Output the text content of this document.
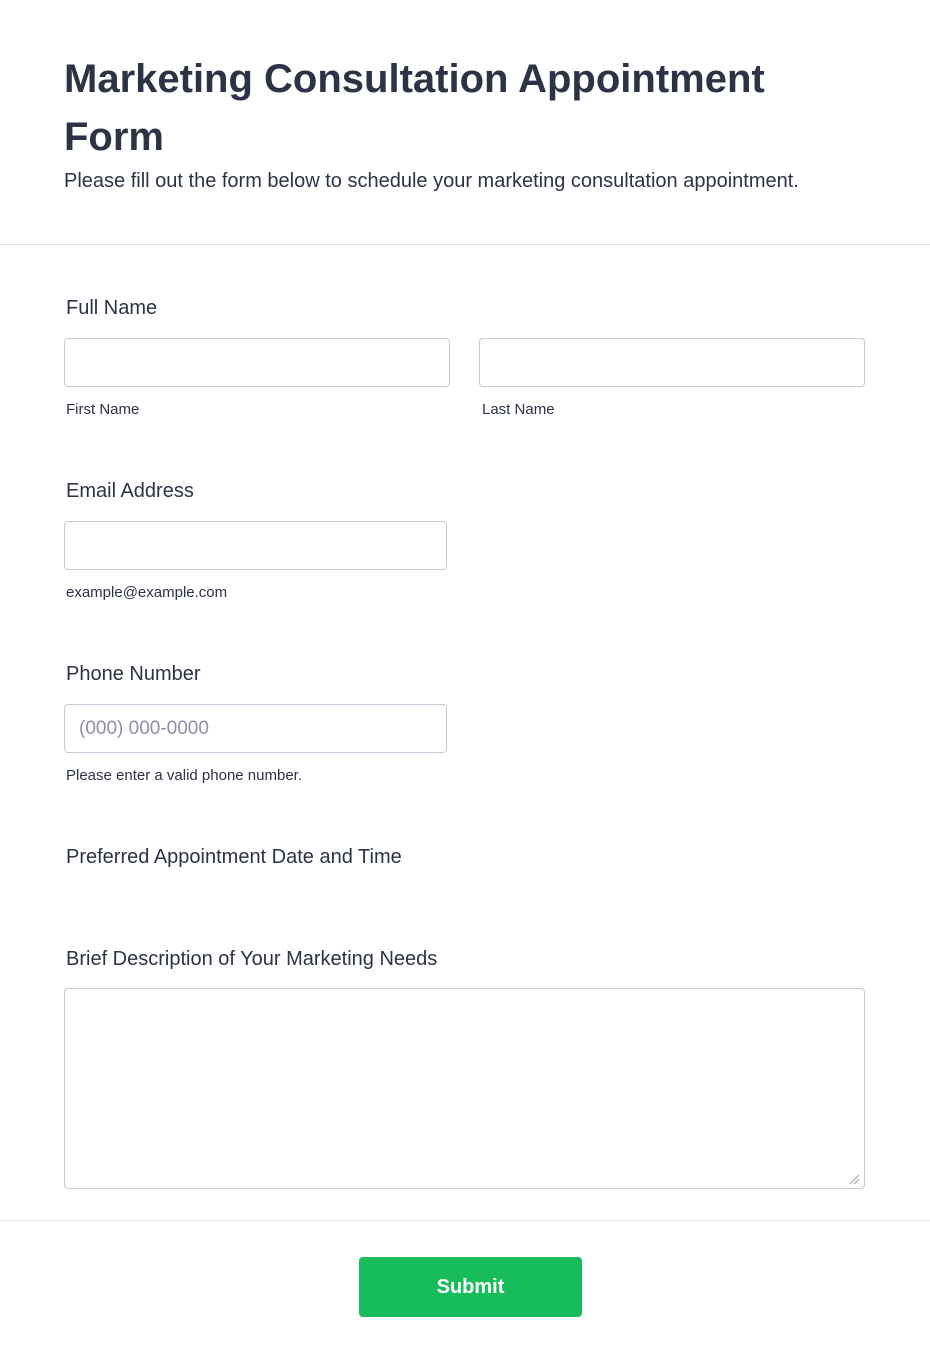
Marketing Consultation Appointment Form
Please fill out the form below to schedule your marketing consultation appointment.
Full Name
First Name	Last Name
Email Address
example@example.com
Phone Number
(000) 000-0000
Please enter a valid phone number.
Preferred Appointment Date and Time
Brief Description of Your Marketing Needs
Submit
